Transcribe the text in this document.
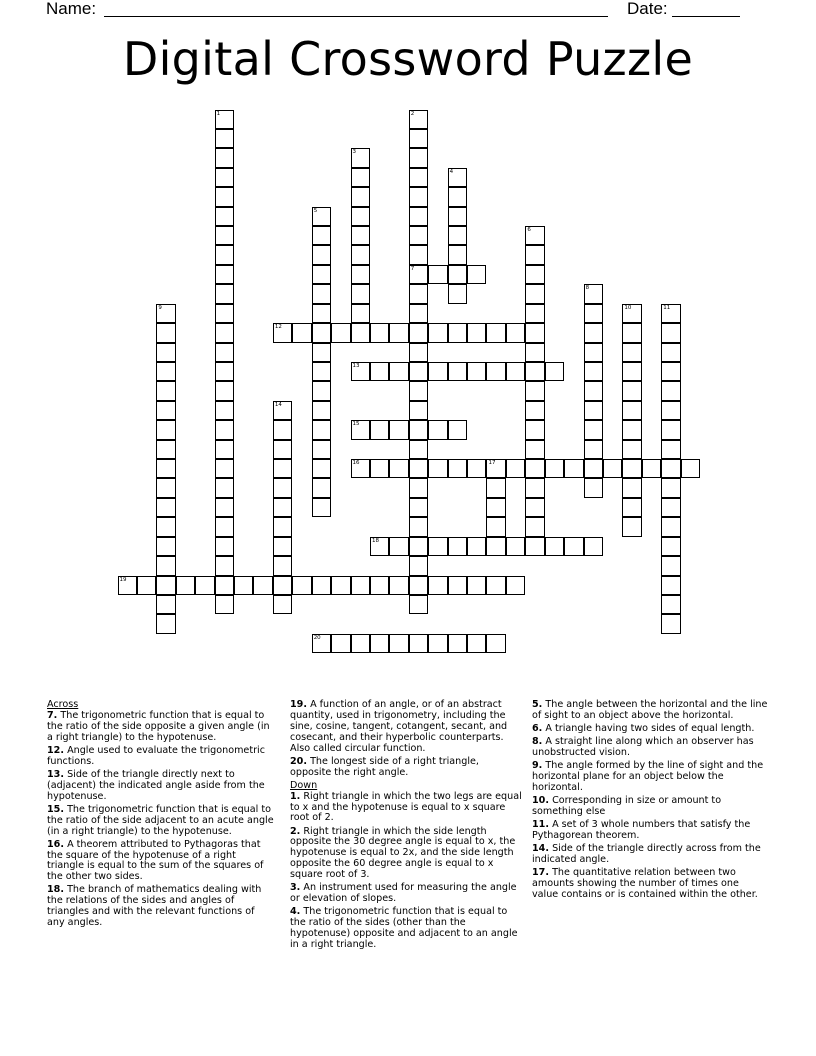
Name:	Date:
Digital Crossword Puzzle
1	2
7
3
4
5
6
8
9	10	11
12
13
14
15
16	17
18
19
20
Across
7. The trigonometric function that is equal to the ratio of the side opposite a given angle (in a right triangle) to the hypotenuse.
12. Angle used to evaluate the trigonometric functions.
13. Side of the triangle directly next to (adjacent) the indicated angle aside from the hypotenuse.
15. The trigonometric function that is equal to the ratio of the side adjacent to an acute angle (in a right triangle) to the hypotenuse.
16. A theorem attributed to Pythagoras that the square of the hypotenuse of a right triangle is equal to the sum of the squares of the other two sides.
18. The branch of mathematics dealing with the relations of the sides and angles of triangles and with the relevant functions of any angles.
19. A function of an angle, or of an abstract quantity, used in trigonometry, including the sine, cosine, tangent, cotangent, secant, and cosecant, and their hyperbolic counterparts. Also called circular function.
20. The longest side of a right triangle, opposite the right angle.
Down
1. Right triangle in which the two legs are equal to x and the hypotenuse is equal to x square root of 2.
2. Right triangle in which the side length opposite the 30 degree angle is equal to x, the hypotenuse is equal to 2x, and the side length opposite the 60 degree angle is equal to x square root of 3.
3. An instrument used for measuring the angle or elevation of slopes.
4. The trigonometric function that is equal to the ratio of the sides (other than the hypotenuse) opposite and adjacent to an angle in a right triangle.
5. The angle between the horizontal and the line of sight to an object above the horizontal.
6. A triangle having two sides of equal length.
8. A straight line along which an observer has unobstructed vision.
9. The angle formed by the line of sight and the horizontal plane for an object below the horizontal.
10. Corresponding in size or amount to something else
11. A set of 3 whole numbers that satisfy the Pythagorean theorem.
14. Side of the triangle directly across from the indicated angle.
17. The quantitative relation between two amounts showing the number of times one value contains or is contained within the other.
